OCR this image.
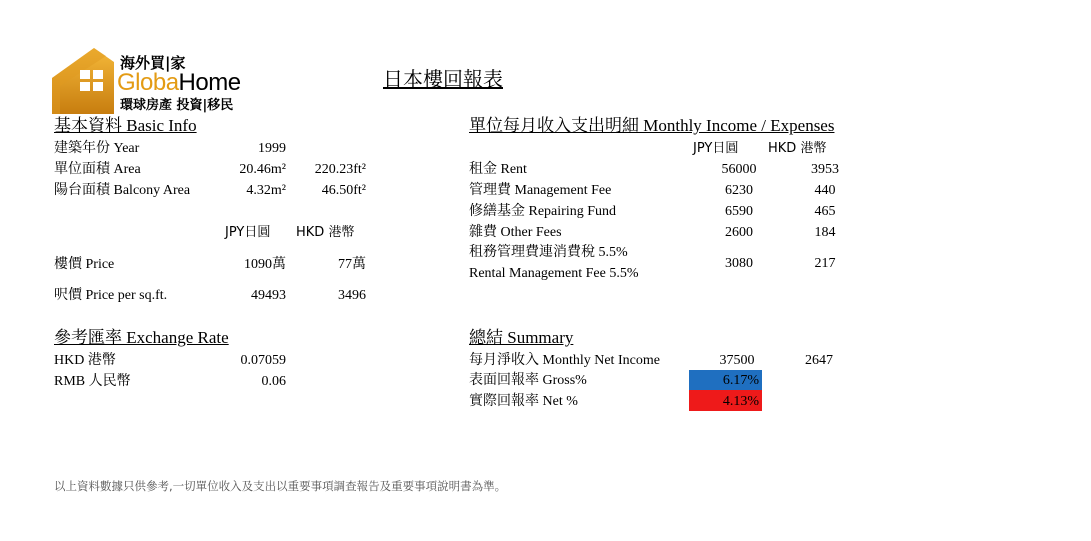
海外買|家
GlobaHome
環球房產 投資|移民
日本樓回報表
基本資料 Basic Info
建築年份 Year	1999
單位面積 Area	20.46m²	220.23ft²
陽台面積 Balcony Area	4.32m²	46.50ft²
JPY日圓 HKD 港幣
樓價 Price	1090萬	77萬
呎價 Price per sq.ft.	49493	3496
參考匯率 Exchange Rate
HKD 港幣	0.07059
RMB 人民幣	0.06
單位每月收入支出明細 Monthly Income / Expenses
JPY日圓 HKD 港幣
租金 Rent	56000	3953
管理費 Management Fee	6230	440
修繕基金 Repairing Fund	6590	465
雜費 Other Fees	2600	184
租務管理費連消費稅 5.5%
Rental Management Fee 5.5%
3080	217
總結 Summary
每月淨收入 Monthly Net Income	37500	2647
表面回報率 Gross%	6.17%
實際回報率 Net %	4.13%
以上資料數據只供參考,一切單位收入及支出以重要事項調查報告及重要事項說明書為準。
